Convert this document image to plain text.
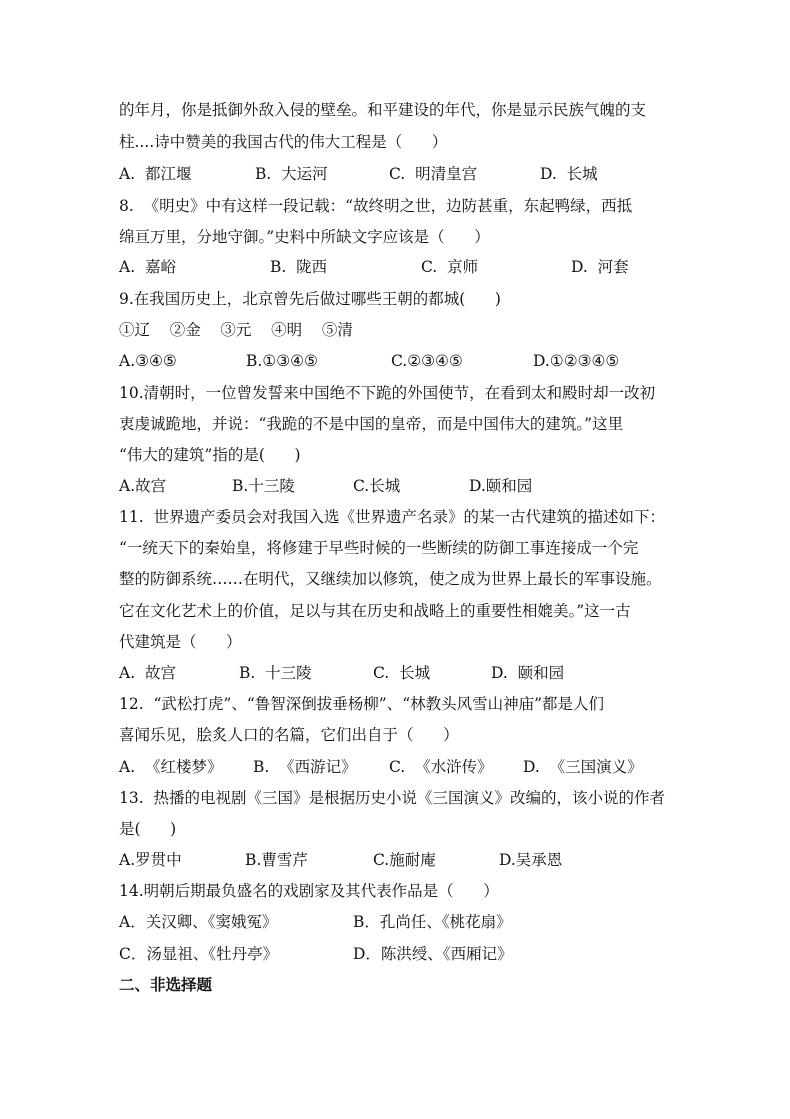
的年月，你是抵御外敌入侵的壁垒。和平建设的年代，你是显示民族气魄的支
柱....诗中赞美的我国古代的伟大工程是（      ）

A.  都江堰

	B.  大运河

	C.  明清皇宫

	D.  长城

8.  《明史》中有这样一段记载：“故终明之世，边防甚重，东起鸭绿，西抵
绵亘万里，分地守御。”史料中所缺文字应该是（      ）

A.  嘉峪

	B.  陇西

	C.  京师

	D.  河套

9.在我国历史上，北京曾先后做过哪些王朝的都城(      )
①辽    ②金    ③元    ④明    ⑤清

A.③④⑤

	B.①③④⑤

	C.②③④⑤

	D.①②③④⑤

10.清朝时，一位曾发誓来中国绝不下跪的外国使节，在看到太和殿时却一改初
衷虔诚跪地，并说：“我跪的不是中国的皇帝，而是中国伟大的建筑。”这里
“伟大的建筑”指的是(      )

A.故宫

	B.十三陵

	C.长城

	D.颐和园

11.  世界遗产委员会对我国入选《世界遗产名录》的某一古代建筑的描述如下：
“一统天下的秦始皇，将修建于早些时候的一些断续的防御工事连接成一个完
整的防御系统……在明代，又继续加以修筑，使之成为世界上最长的军事设施。
它在文化艺术上的价值，足以与其在历史和战略上的重要性相媲美。”这一古
代建筑是（      ）

A.  故宫

	B.  十三陵

	C.  长城

	D.  颐和园

12.  “武松打虎”、“鲁智深倒拔垂杨柳”、“林教头风雪山神庙”都是人们
喜闻乐见，脍炙人口的名篇，它们出自于（      ）

A.  《红楼梦》

B.  《西游记》

C.  《水浒传》

D.  《三国演义》

13.  热播的电视剧《三国》是根据历史小说《三国演义》改编的，该小说的作者
是(      )

A.罗贯中

	B.曹雪芹

	C.施耐庵

	D.吴承恩

14.明朝后期最负盛名的戏剧家及其代表作品是（      ）

A．关汉卿、《窦娥冤》

	B．孔尚任、《桃花扇》

C．汤显祖、《牡丹亭》

	D．陈洪绶、《西厢记》

二、非选择题
